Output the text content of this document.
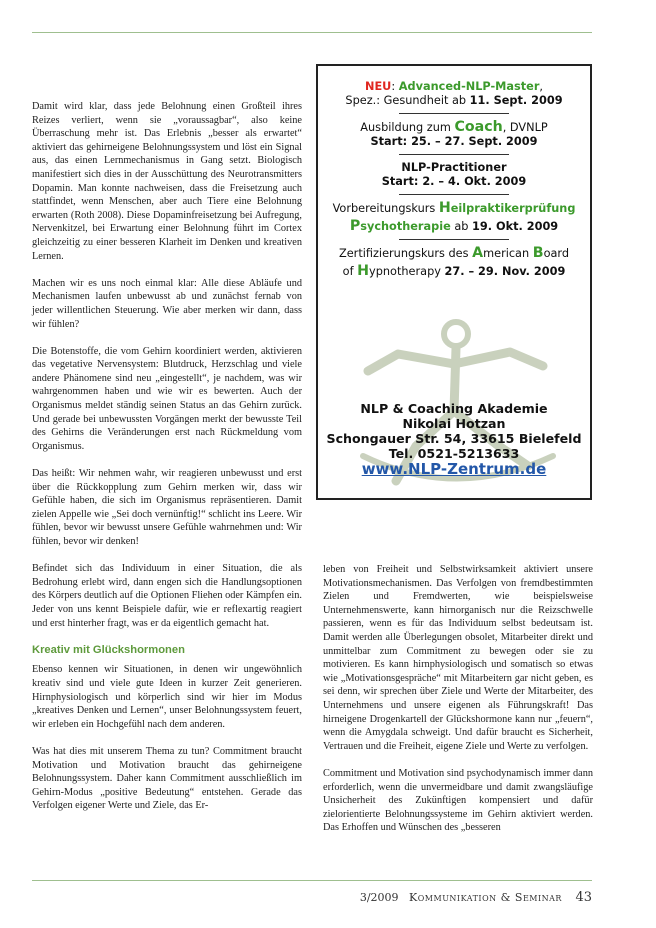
Damit wird klar, dass jede Belohnung einen Großteil ihres Reizes verliert, wenn sie „voraussagbar“, also keine Überraschung mehr ist. Das Erlebnis „besser als erwartet“ aktiviert das gehirneigene Belohnungssystem und löst ein Signal aus, das einen Lernmechanismus in Gang setzt. Biologisch manifestiert sich dies in der Ausschüttung des Neurotransmitters Dopamin. Man konnte nachweisen, dass die Freisetzung auch stattfindet, wenn Menschen, aber auch Tiere eine Belohnung erwarten (Roth 2008). Diese Dopaminfreisetzung bei Aufregung, Nervenkitzel, bei Erwartung einer Belohnung führt im Cortex gleichzeitig zu einer besseren Klarheit im Denken und kreativen Lernen.

Machen wir es uns noch einmal klar: Alle diese Abläufe und Mechanismen laufen unbewusst ab und zunächst fernab von jeder willentlichen Steuerung. Wie aber merken wir dann, dass wir fühlen?

Die Botenstoffe, die vom Gehirn koordiniert werden, aktivieren das vegetative Nervensystem: Blutdruck, Herzschlag und viele andere Phänomene sind neu „eingestellt“, je nachdem, was wir wahrgenommen haben und wie wir es bewerten. Auch der Organismus meldet ständig seinen Status an das Gehirn zurück. Und gerade bei unbewussten Vorgängen merkt der bewusste Teil des Gehirns die Veränderungen erst nach Rückmeldung vom Organismus.

Das heißt: Wir nehmen wahr, wir reagieren unbewusst und erst über die Rückkopplung zum Gehirn merken wir, dass wir Gefühle haben, die sich im Organismus repräsentieren. Damit zielen Appelle wie „Sei doch vernünftig!“ schlicht ins Leere. Wir fühlen, bevor wir bewusst unsere Gefühle wahrnehmen und: Wir fühlen, bevor wir denken!

Befindet sich das Individuum in einer Situation, die als Bedrohung erlebt wird, dann engen sich die Handlungsoptionen des Körpers deutlich auf die Optionen Fliehen oder Kämpfen ein. Jeder von uns kennt Beispiele dafür, wie er reflexartig reagiert und erst hinterher fragt, was er da eigentlich gemacht hat.

Kreativ mit Glückshormonen

Ebenso kennen wir Situationen, in denen wir ungewöhnlich kreativ sind und viele gute Ideen in kurzer Zeit generieren. Hirnphysiologisch und körperlich sind wir hier im Modus „kreatives Denken und Lernen“, unser Belohnungssystem feuert, wir erleben ein Hochgefühl nach dem anderen.

Was hat dies mit unserem Thema zu tun? Commitment braucht Motivation und Motivation braucht das gehirneigene Belohnungssystem. Daher kann Commitment ausschließlich im Gehirn-Modus „positive Bedeutung“ entstehen. Gerade das Verfolgen eigener Werte und Ziele, das Er-

NEU: Advanced-NLP-Master,
Spez.: Gesundheit ab 11. Sept. 2009
Ausbildung zum Coach, DVNLP
Start: 25. – 27. Sept. 2009
NLP-Practitioner
Start: 2. – 4. Okt. 2009
Vorbereitungskurs Heilpraktikerprüfung
Psychotherapie ab 19. Okt. 2009
Zertifizierungskurs des American Board
of Hypnotherapy 27. – 29. Nov. 2009
NLP & Coaching Akademie
Nikolai Hotzan
Schongauer Str. 54, 33615 Bielefeld
Tel. 0521-5213633
www.NLP-Zentrum.de

leben von Freiheit und Selbstwirksamkeit aktiviert unsere Motivationsmechanismen. Das Verfolgen von fremdbestimmten Zielen und Fremdwerten, wie beispielsweise Unternehmenswerte, kann hirnorganisch nur die Reizschwelle passieren, wenn es für das Individuum selbst bedeutsam ist. Damit werden alle Überlegungen obsolet, Mitarbeiter direkt und unmittelbar zum Commitment zu bewegen oder sie zu motivieren. Es kann hirnphysiologisch und somatisch so etwas wie „Motivationsgespräche“ mit Mitarbeitern gar nicht geben, es sei denn, wir sprechen über Ziele und Werte der Mitarbeiter, des Unternehmens und unsere eigenen als Führungskraft! Das hirneigene Drogenkartell der Glückshormone kann nur „feuern“, wenn die Amygdala schweigt. Und dafür braucht es Sicherheit, Vertrauen und die Freiheit, eigene Ziele und Werte zu verfolgen.

Commitment und Motivation sind psychodynamisch immer dann erforderlich, wenn die unvermeidbare und damit zwangsläufige Unsicherheit des Zukünftigen kompensiert und dafür zielorientierte Belohnungssysteme im Gehirn aktiviert werden. Das Erhoffen und Wünschen des „besseren

3/2009 Kommunikation & Seminar 43
